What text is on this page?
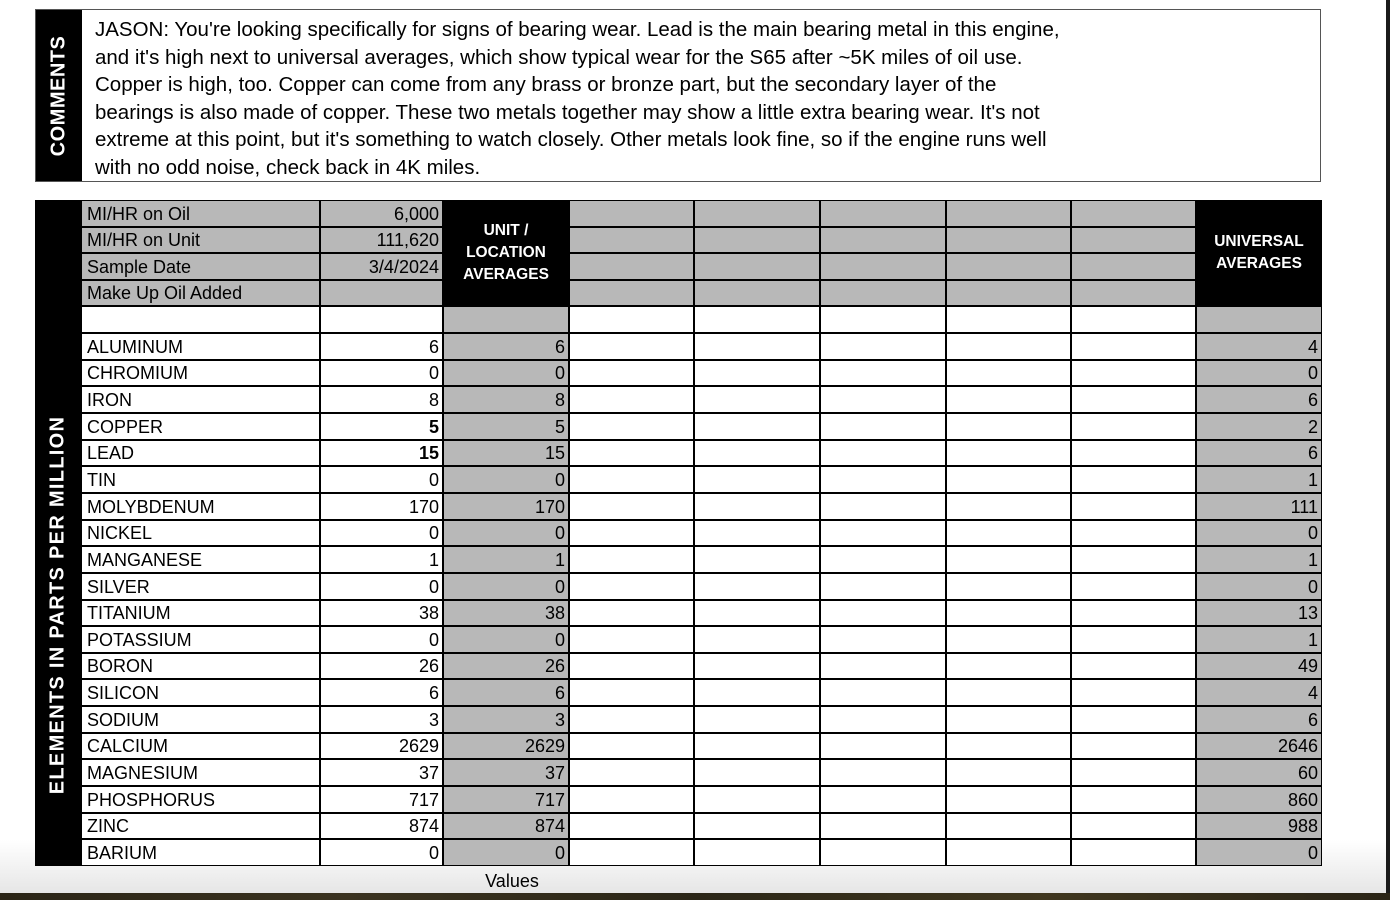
COMMENTS
JASON: You're looking specifically for signs of bearing wear. Lead is the main bearing metal in this engine,
and it's high next to universal averages, which show typical wear for the S65 after ~5K miles of oil use.
Copper is high, too. Copper can come from any brass or bronze part, but the secondary layer of the
bearings is also made of copper. These two metals together may show a little extra bearing wear. It's not
extreme at this point, but it's something to watch closely. Other metals look fine, so if the engine runs well
with no odd noise, check back in 4K miles.
ELEMENTS IN PARTS PER MILLION
MI/HR on Oil	6,000
MI/HR on Unit	111,620
Sample Date	3/4/2024
Make Up Oil Added
UNIT / LOCATION AVERAGES
UNIVERSAL AVERAGES
ALUMINUM	6	6	4
CHROMIUM	0	0	0
IRON	8	8	6
COPPER	5	5	2
LEAD	15	15	6
TIN	0	0	1
MOLYBDENUM	170	170	111
NICKEL	0	0	0
MANGANESE	1	1	1
SILVER	0	0	0
TITANIUM	38	38	13
POTASSIUM	0	0	1
BORON	26	26	49
SILICON	6	6	4
SODIUM	3	3	6
CALCIUM	2629	2629	2646
MAGNESIUM	37	37	60
PHOSPHORUS	717	717	860
ZINC	874	874	988
BARIUM	0	0	0
Values
